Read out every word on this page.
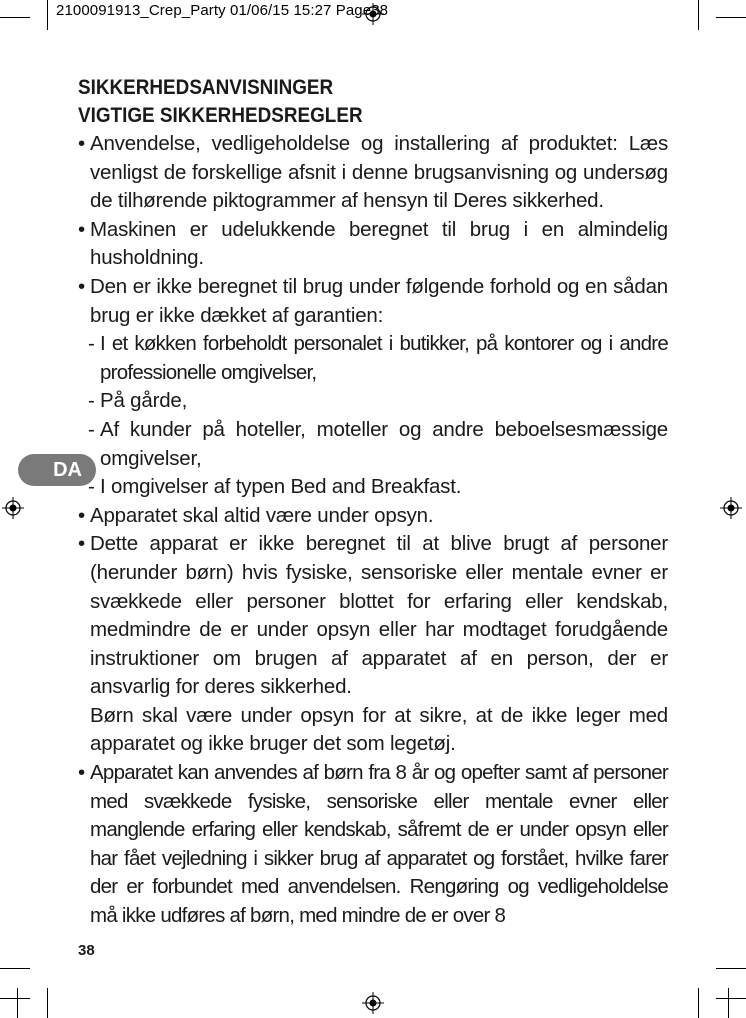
2100091913_Crep_Party 01/06/15 15:27 Page38
DA
SIKKERHEDSANVISNINGER
VIGTIGE SIKKERHEDSREGLER
• Anvendelse, vedligeholdelse og installering af produktet: Læs venligst de forskellige afsnit i denne brugsanvisning og undersøg de tilhørende piktogrammer af hensyn til Deres sikkerhed.
• Maskinen er udelukkende beregnet til brug i en almindelig husholdning.
• Den er ikke beregnet til brug under følgende forhold og en sådan brug er ikke dækket af garantien:
- I et køkken forbeholdt personalet i butikker, på kontorer og i andre professionelle omgivelser,
- På gårde,
- Af kunder på hoteller, moteller og andre beboelsesmæssige omgivelser,
- I omgivelser af typen Bed and Breakfast.
• Apparatet skal altid være under opsyn.
• Dette apparat er ikke beregnet til at blive brugt af personer (herunder børn) hvis fysiske, sensoriske eller mentale evner er svækkede eller personer blottet for erfaring eller kendskab, medmindre de er under opsyn eller har modtaget forudgående instruktioner om brugen af apparatet af en person, der er ansvarlig for deres sikkerhed.
Børn skal være under opsyn for at sikre, at de ikke leger med apparatet og ikke bruger det som legetøj.
• Apparatet kan anvendes af børn fra 8 år og opefter samt af personer med svækkede fysiske, sensoriske eller mentale evner eller manglende erfaring eller kendskab, såfremt de er under opsyn eller har fået vejledning i sikker brug af apparatet og forstået, hvilke farer der er forbundet med anvendelsen. Rengøring og vedligeholdelse må ikke udføres af børn, med mindre de er over 8
38
